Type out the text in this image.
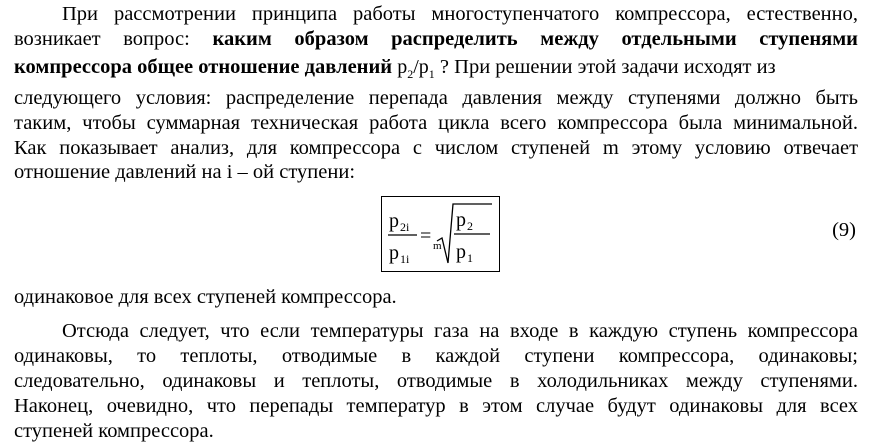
При рассмотрении принципа работы многоступенчатого компрессора, естественно,
возникает вопрос: каким образом распределить между отдельными ступенями
компрессора общее отношение давлений $p_2/p_1$ ? При решении этой задачи исходят из
следующего условия: распределение перепада давления между ступенями должно быть
таким, чтобы суммарная техническая работа цикла всего компрессора была минимальной.
Как показывает анализ, для компрессора с числом ступеней m этому условию отвечает
отношение давлений на i – ой ступени:
p 2i
p 1i
= m
p 2
p 1
(9)
одинаковое для всех ступеней компрессора.
Отсюда следует, что если температуры газа на входе в каждую ступень компрессора
одинаковы, то теплоты, отводимые в каждой ступени компрессора, одинаковы;
следовательно, одинаковы и теплоты, отводимые в холодильниках между ступенями.
Наконец, очевидно, что перепады температур в этом случае будут одинаковы для всех
ступеней компрессора.
